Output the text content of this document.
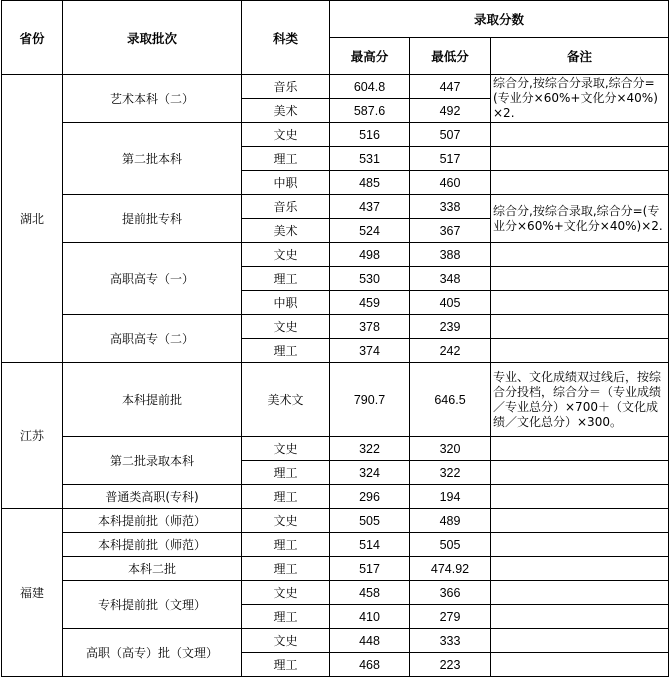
省份	录取批次	科类	录取分数		
			最高分	最低分	备注
湖北	艺术本科（二）	音乐	604.8	447	综合分,按综合分录取,综合分=(专业分×60%+文化分×40%)×2.
		美术	587.6	492	
	第二批本科	文史	516	507	
		理工	531	517	
		中职	485	460	
	提前批专科	音乐	437	338	综合分,按综合录取,综合分=(专业分×60%+文化分×40%)×2.
		美术	524	367	
	高职高专（一）	文史	498	388	
		理工	530	348	
		中职	459	405	
	高职高专（二）	文史	378	239	
		理工	374	242	
江苏	本科提前批	美术文	790.7	646.5	专业、文化成绩双过线后，按综合分投档，综合分＝（专业成绩／专业总分）×700＋（文化成绩／文化总分）×300。
	第二批录取本科	文史	322	320	
		理工	324	322	
	普通类高职(专科)	理工	296	194	
福建	本科提前批（师范）	文史	505	489	
	本科提前批（师范）	理工	514	505	
	本科二批	理工	517	474.92	
	专科提前批（文理）	文史	458	366	
		理工	410	279	
	高职（高专）批（文理）	文史	448	333	
		理工	468	223	
